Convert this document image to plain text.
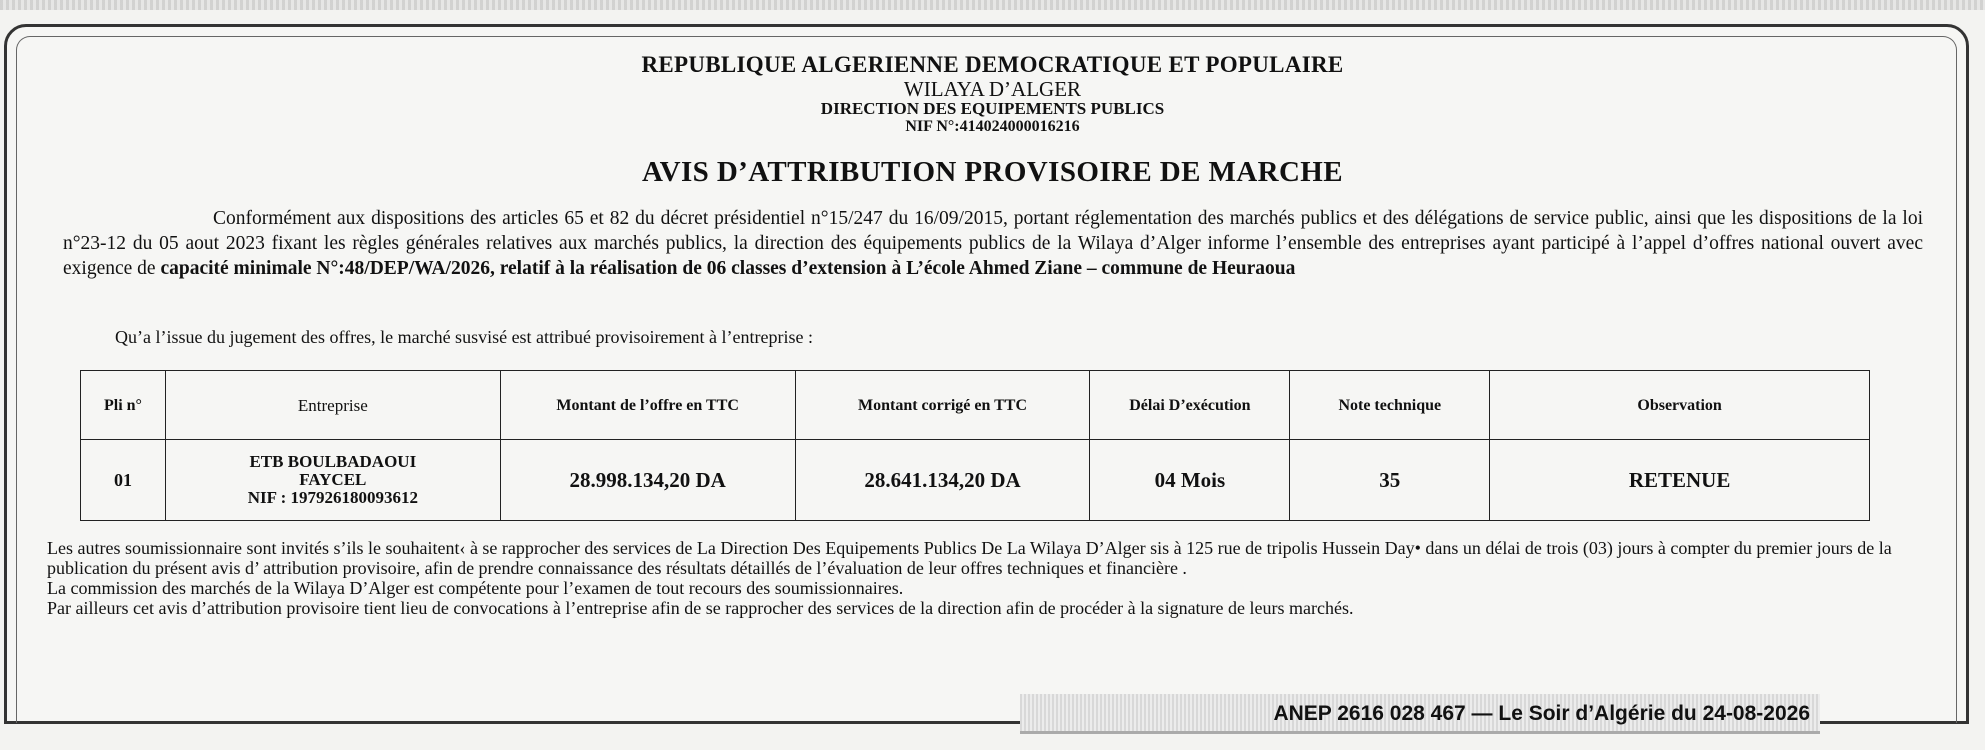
REPUBLIQUE ALGERIENNE DEMOCRATIQUE ET POPULAIRE
WILAYA D’ALGER
DIRECTION DES EQUIPEMENTS PUBLICS
NIF N°:414024000016216
AVIS D’ATTRIBUTION PROVISOIRE DE MARCHE
Conformément aux dispositions des articles 65 et 82 du décret présidentiel n°15/247 du 16/09/2015, portant réglementation des marchés publics et des délégations de service public, ainsi que les dispositions de la loi n°23-12 du 05 aout 2023 fixant les règles générales relatives aux marchés publics, la direction des équipements publics de la Wilaya d’Alger informe l’ensemble des entreprises ayant participé à l’appel d’offres national ouvert avec exigence de capacité minimale N°:48/DEP/WA/2026, relatif à la réalisation de 06 classes d’extension à L’école Ahmed Ziane – commune de Heuraoua
Qu’a l’issue du jugement des offres, le marché susvisé est attribué provisoirement à l’entreprise :
Pli n°	Entreprise	Montant de l’offre en TTC	Montant corrigé en TTC	Délai D’exécution	Note technique	Observation
01	ETB BOULBADAOUI
FAYCEL
NIF : 197926180093612	28.998.134,20 DA	28.641.134,20 DA	04 Mois	35	RETENUE

Les autres soumissionnaire sont invités s’ils le souhaitent‹ à se rapprocher des services de La Direction Des Equipements Publics De La Wilaya D’Alger sis à 125 rue de tripolis Hussein Day• dans un délai de trois (03) jours à compter du premier jours de la publication du présent avis d’ attribution provisoire, afin de prendre connaissance des résultats détaillés de l’évaluation de leur offres techniques et financière .

La commission des marchés de la Wilaya D’Alger est compétente pour l’examen de tout recours des soumissionnaires.

Par ailleurs cet avis d’attribution provisoire tient lieu de convocations à l’entreprise afin de se rapprocher des services de la direction afin de procéder à la signature de leurs marchés.

ANEP 2616 028 467 — Le Soir d’Algérie du 24-08-2026
